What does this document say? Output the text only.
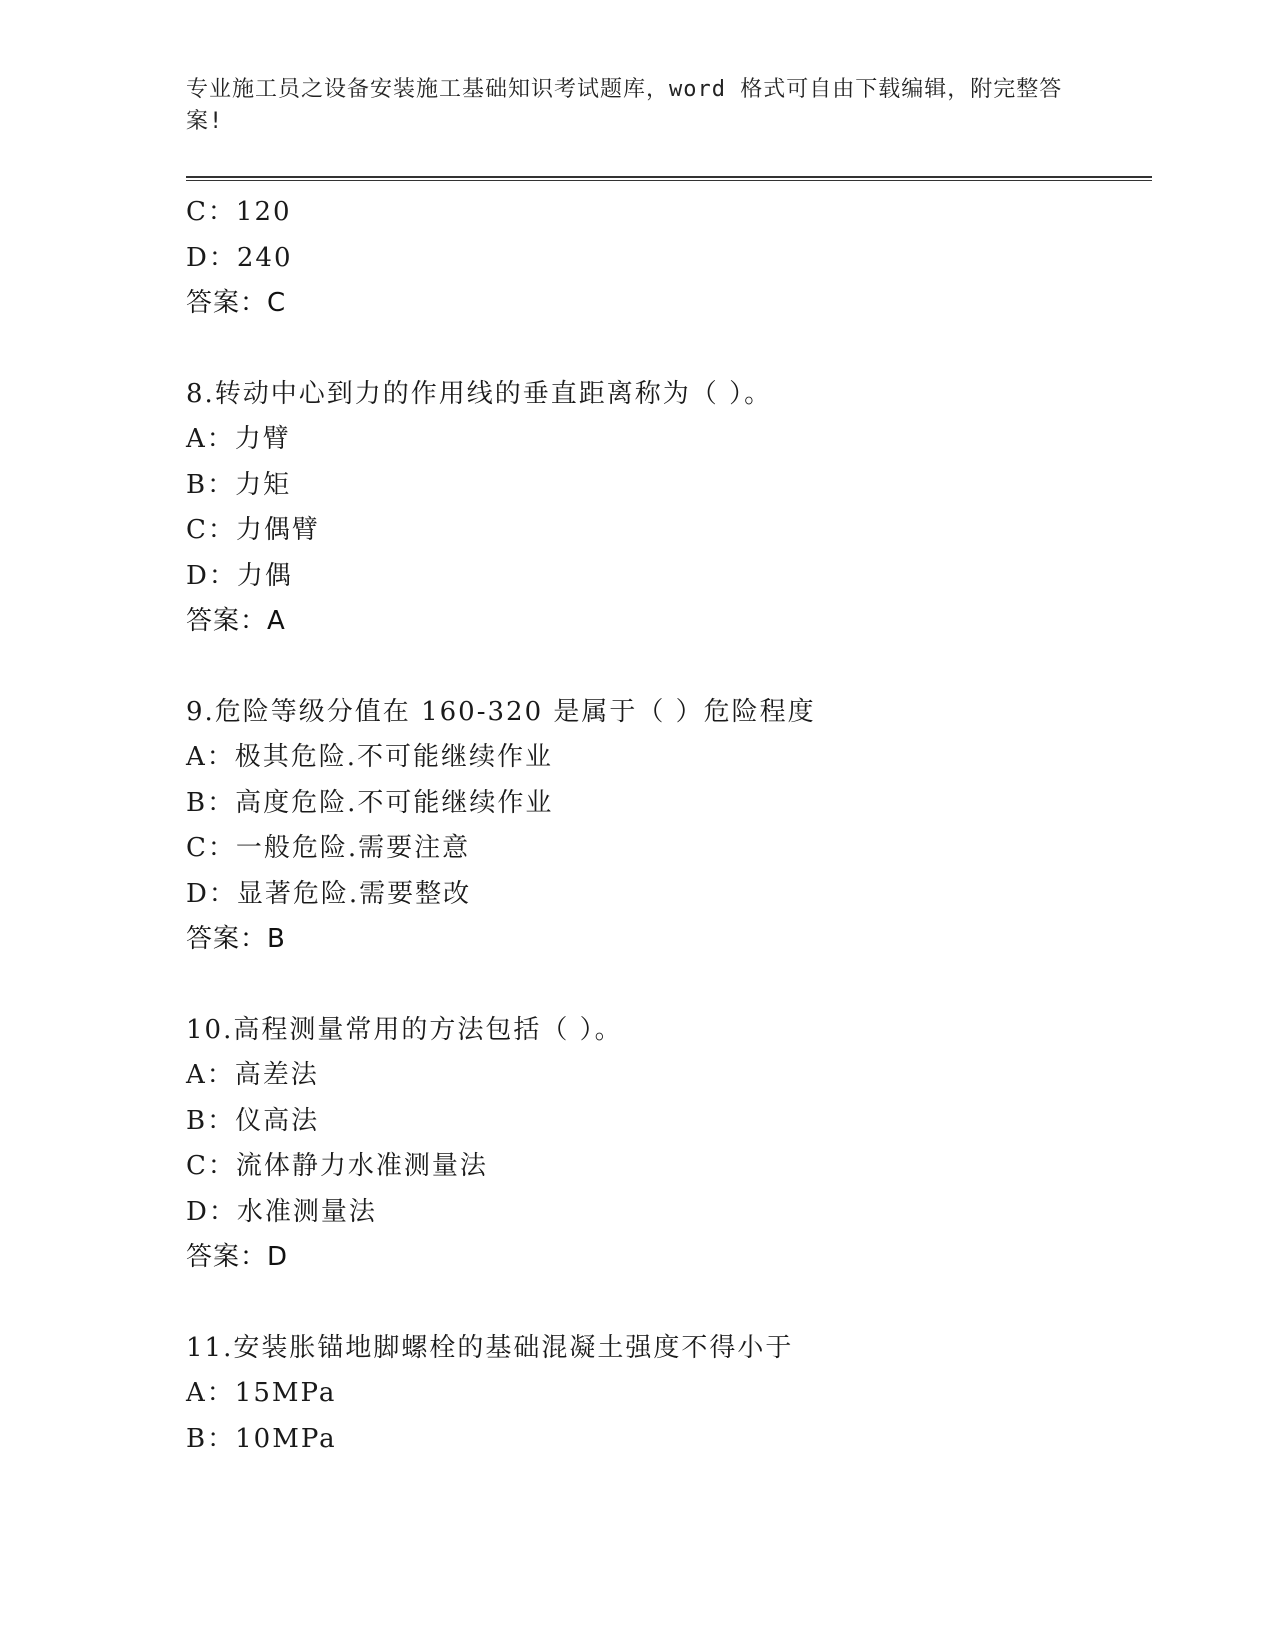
专业施工员之设备安装施工基础知识考试题库，word 格式可自由下载编辑，附完整答案!
C：120
D：240
答案：C
8.转动中心到力的作用线的垂直距离称为（ ）。
A：力臂
B：力矩
C：力偶臂
D：力偶
答案：A
9.危险等级分值在 160-320 是属于（ ）危险程度
A：极其危险.不可能继续作业
B：高度危险.不可能继续作业
C：一般危险.需要注意
D：显著危险.需要整改
答案：B
10.高程测量常用的方法包括（ ）。
A：高差法
B：仪高法
C：流体静力水准测量法
D：水准测量法
答案：D
11.安装胀锚地脚螺栓的基础混凝土强度不得小于
A：15MPa
B：10MPa
